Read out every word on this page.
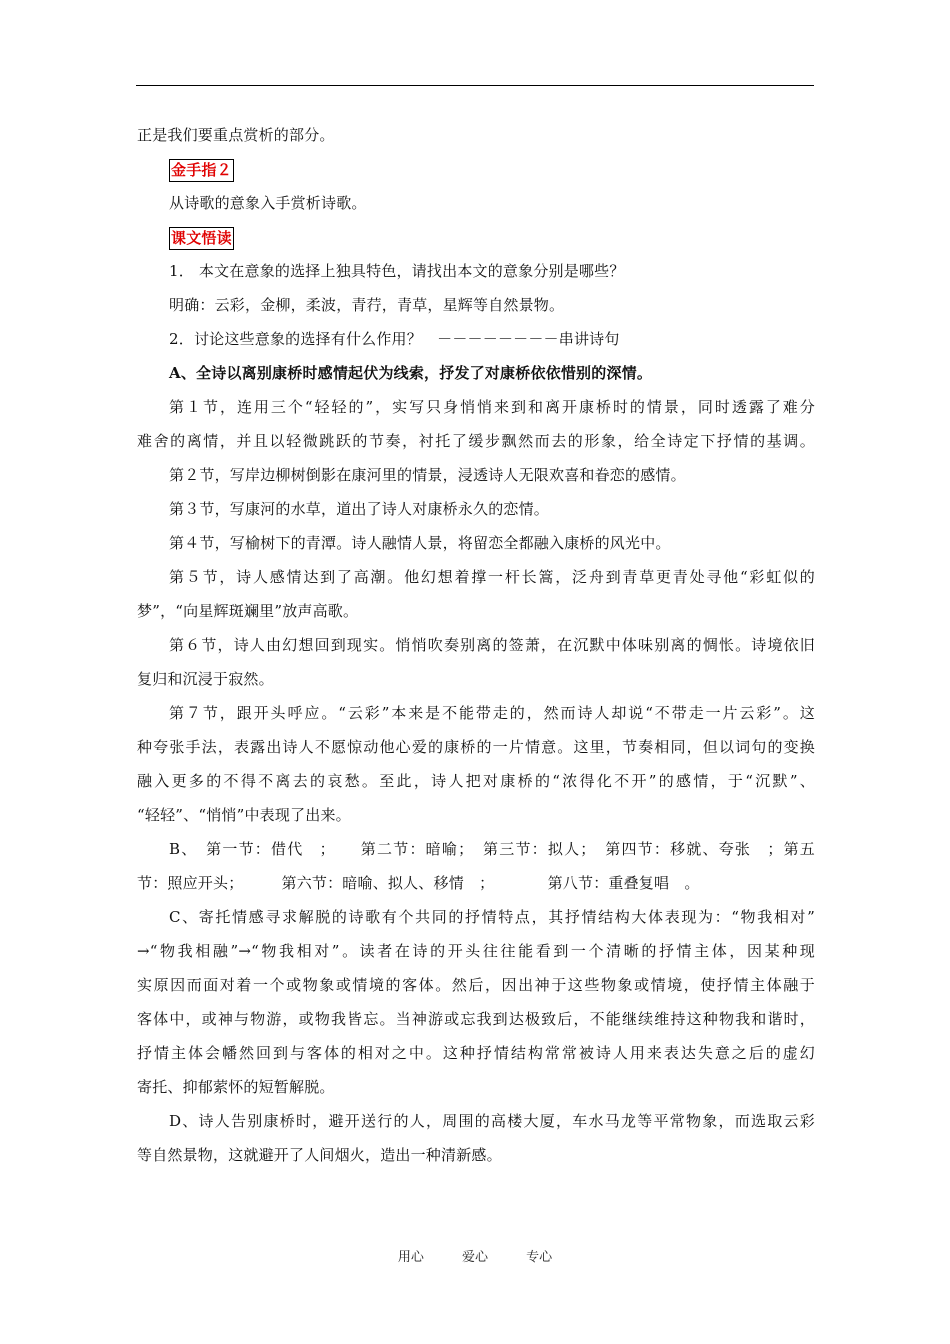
正是我们要重点赏析的部分。
金手指２
从诗歌的意象入手赏析诗歌。
课文悟读
1． 本文在意象的选择上独具特色，请找出本文的意象分别是哪些？
明确：云彩，金柳，柔波，青荇，青草，星辉等自然景物。
2．讨论这些意象的选择有什么作用？　－－－－－－－－串讲诗句
A、全诗以离别康桥时感情起伏为线索，抒发了对康桥依依惜别的深情。
第１节，连用三个“轻轻的”，实写只身悄悄来到和离开康桥时的情景，同时透露了难分
难舍的离情，并且以轻微跳跃的节奏，衬托了缓步飘然而去的形象，给全诗定下抒情的基调。
第２节，写岸边柳树倒影在康河里的情景，浸透诗人无限欢喜和眷恋的感情。
第３节，写康河的水草，道出了诗人对康桥永久的恋情。
第４节，写榆树下的青潭。诗人融情人景，将留恋全都融入康桥的风光中。
第５节，诗人感情达到了高潮。他幻想着撑一杆长篙，泛舟到青草更青处寻他“彩虹似的
梦”，“向星辉斑斓里”放声高歌。
第６节，诗人由幻想回到现实。悄悄吹奏别离的签萧，在沉默中体味别离的惆怅。诗境依旧
复归和沉浸于寂然。
第７节，跟开头呼应。“云彩”本来是不能带走的，然而诗人却说“不带走一片云彩”。这
种夸张手法，表露出诗人不愿惊动他心爱的康桥的一片情意。这里，节奏相同，但以词句的变换
融入更多的不得不离去的哀愁。至此，诗人把对康桥的“浓得化不开”的感情，于“沉默”、
“轻轻”、“悄悄”中表现了出来。
B、　第一节：借代　；　　第二节：暗喻；　第三节：拟人；　第四节：移就、夸张　；第五
节：照应开头；　　　第六节：暗喻、拟人、移情　；　　　　第八节：重叠复唱　。
C、寄托情感寻求解脱的诗歌有个共同的抒情特点，其抒情结构大体表现为：“物我相对”
→“物我相融”→“物我相对”。读者在诗的开头往往能看到一个清晰的抒情主体，因某种现
实原因而面对着一个或物象或情境的客体。然后，因出神于这些物象或情境，使抒情主体融于
客体中，或神与物游，或物我皆忘。当神游或忘我到达极致后，不能继续维持这种物我和谐时，
抒情主体会幡然回到与客体的相对之中。这种抒情结构常常被诗人用来表达失意之后的虚幻
寄托、抑郁萦怀的短暂解脱。
D、诗人告别康桥时，避开送行的人，周围的高楼大厦，车水马龙等平常物象，而选取云彩
等自然景物，这就避开了人间烟火，造出一种清新感。
用心	爱心	专心
